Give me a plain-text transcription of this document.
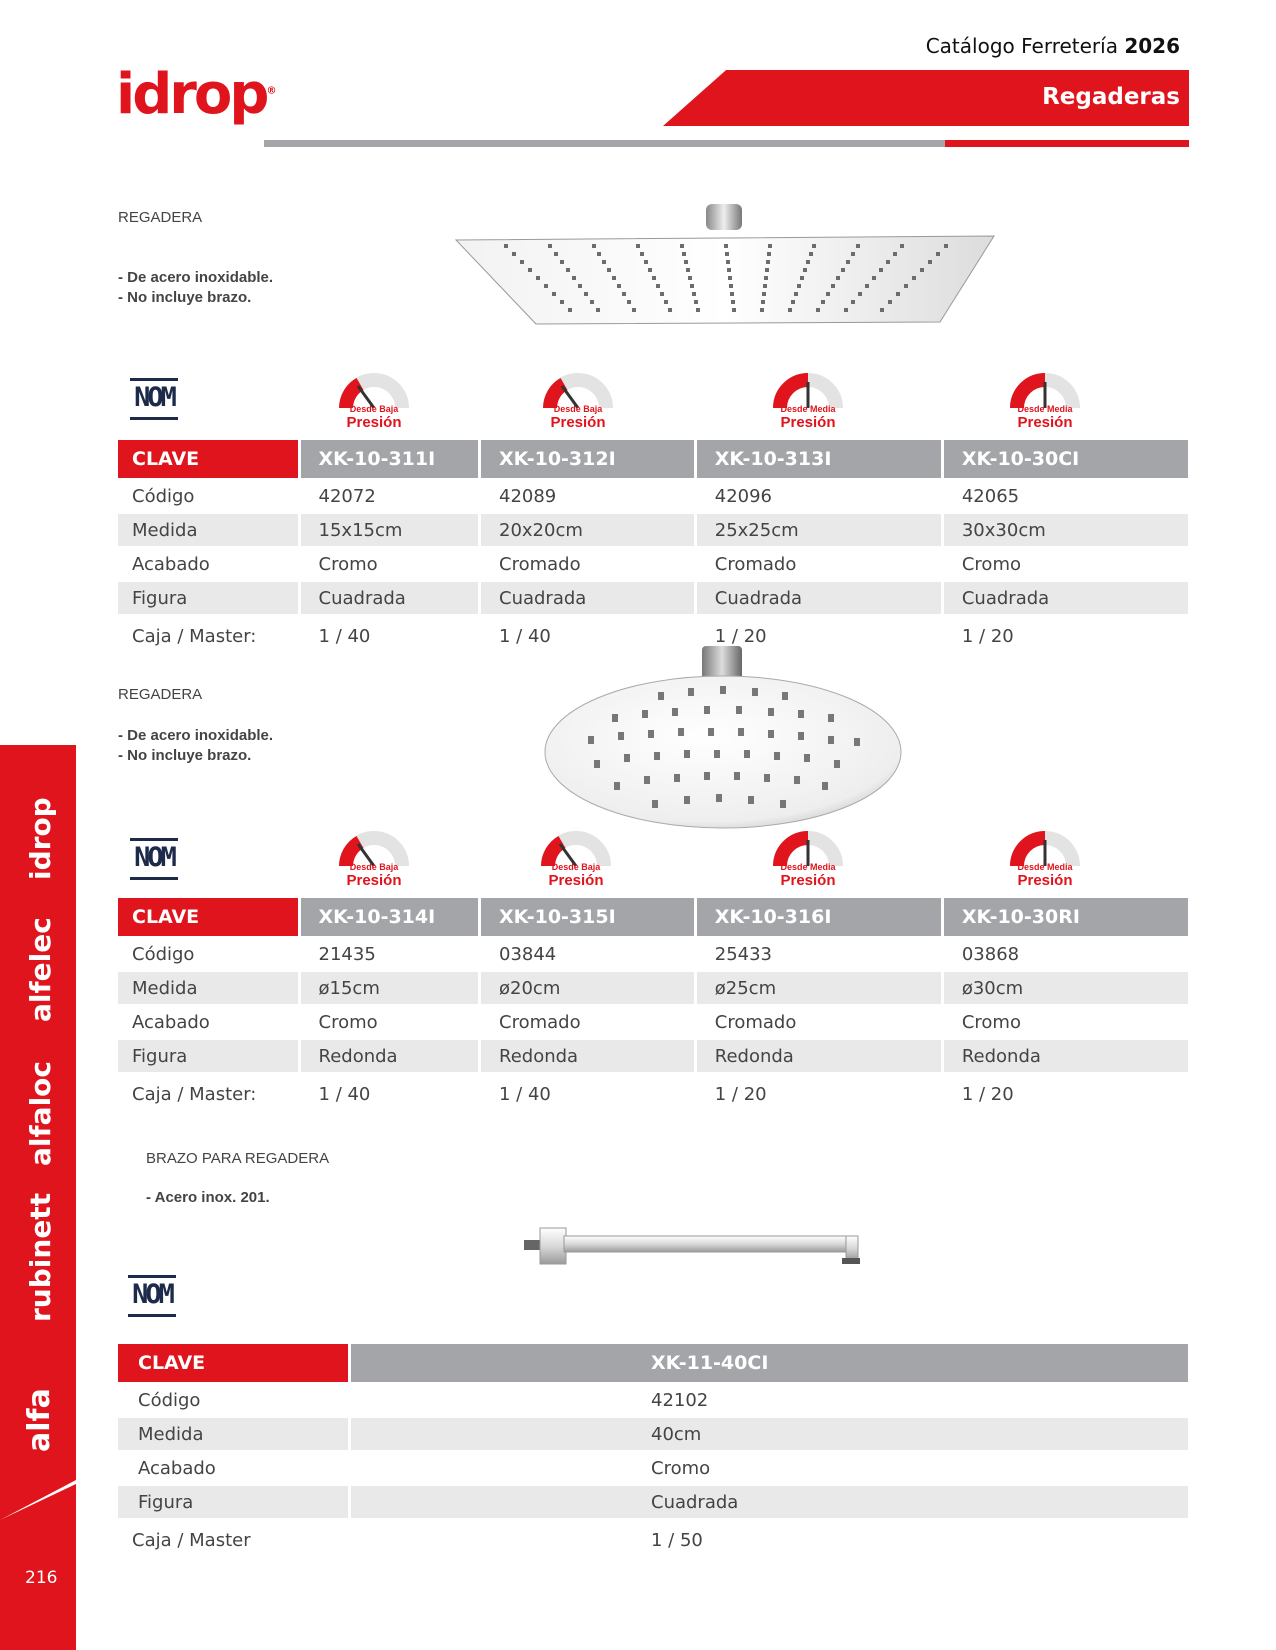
Catálogo Ferretería 2026
idrop®	Regaderas
idrop
alfelec
alfaloc
rubinett
alfa
216
REGADERA
- De acero inoxidable.
- No incluye brazo.
NOM	Desde Baja
Presión
Desde Baja
Presión
Desde Media
Presión
Desde Media
Presión
CLAVE	XK-10-311I	XK-10-312I	XK-10-313I	XK-10-30CI
Código	42072	42089	42096	42065
Medida	15x15cm	20x20cm	25x25cm	30x30cm
Acabado	Cromo	Cromado	Cromado	Cromo
Figura	Cuadrada	Cuadrada	Cuadrada	Cuadrada
Caja / Master:	1 / 40	1 / 40	1 / 20	1 / 20
REGADERA
- De acero inoxidable.
- No incluye brazo.
NOM	Desde Baja
Presión
Desde Baja
Presión
Desde Media
Presión
Desde Media
Presión
CLAVE	XK-10-314I	XK-10-315I	XK-10-316I	XK-10-30RI
Código	21435	03844	25433	03868
Medida	ø15cm	ø20cm	ø25cm	ø30cm
Acabado	Cromo	Cromado	Cromado	Cromo
Figura	Redonda	Redonda	Redonda	Redonda
Caja / Master:	1 / 40	1 / 40	1 / 20	1 / 20
BRAZO PARA REGADERA
- Acero inox. 201.
NOM
CLAVE	XK-11-40CI
Código	42102
Medida	40cm
Acabado	Cromo
Figura	Cuadrada
Caja / Master	1 / 50
